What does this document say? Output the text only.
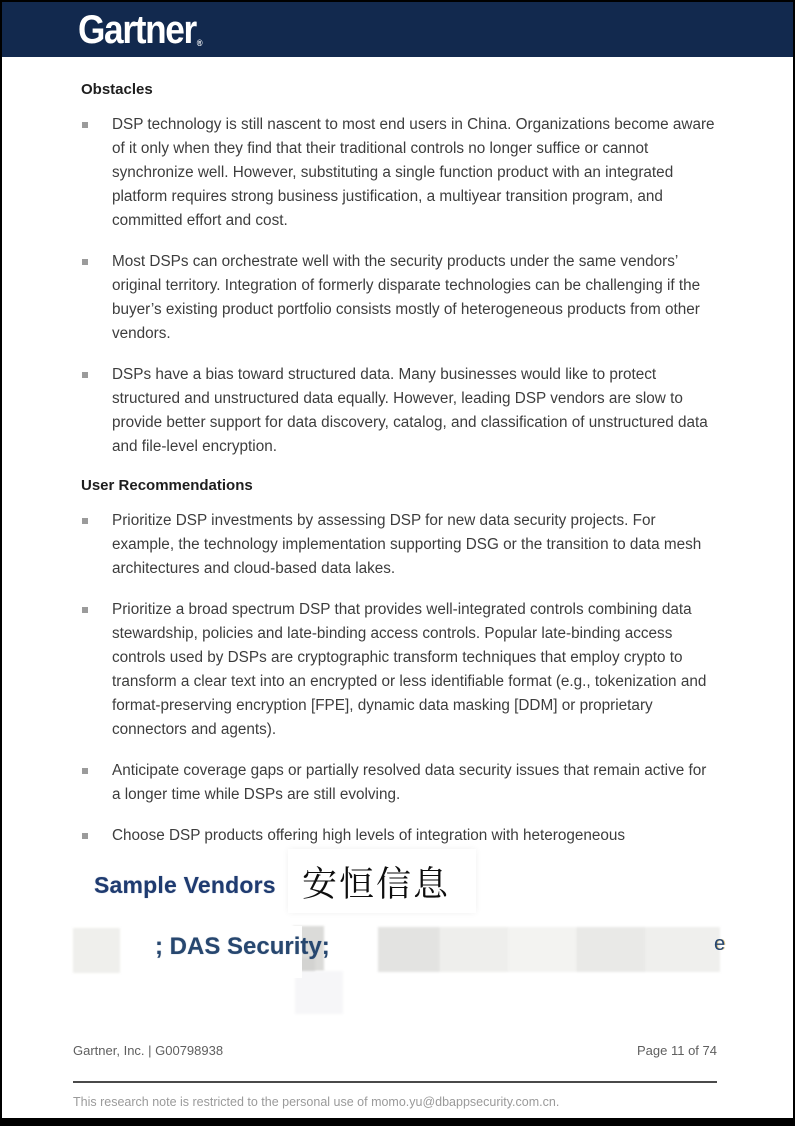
Gartner ®
Obstacles
DSP technology is still nascent to most end users in China. Organizations become aware of it only when they find that their traditional controls no longer suffice or cannot synchronize well. However, substituting a single function product with an integrated platform requires strong business justification, a multiyear transition program, and committed effort and cost.
Most DSPs can orchestrate well with the security products under the same vendors’ original territory. Integration of formerly disparate technologies can be challenging if the buyer’s existing product portfolio consists mostly of heterogeneous products from other vendors.
DSPs have a bias toward structured data. Many businesses would like to protect structured and unstructured data equally. However, leading DSP vendors are slow to provide better support for data discovery, catalog, and classification of unstructured data and file-level encryption.
User Recommendations
Prioritize DSP investments by assessing DSP for new data security projects. For example, the technology implementation supporting DSG or the transition to data mesh architectures and cloud-based data lakes.
Prioritize a broad spectrum DSP that provides well-integrated controls combining data stewardship, policies and late-binding access controls. Popular late-binding access controls used by DSPs are cryptographic transform techniques that employ crypto to transform a clear text into an encrypted or less identifiable format (e.g., tokenization and format-preserving encryption [FPE], dynamic data masking [DDM] or proprietary connectors and agents).
Anticipate coverage gaps or partially resolved data security issues that remain active for a longer time while DSPs are still evolving.
Choose DSP products offering high levels of integration with heterogeneous
安恒信息
Sample Vendors
; DAS Security;	e
Gartner, Inc. | G00798938	Page 11 of 74
This research note is restricted to the personal use of momo.yu@dbappsecurity.com.cn.
